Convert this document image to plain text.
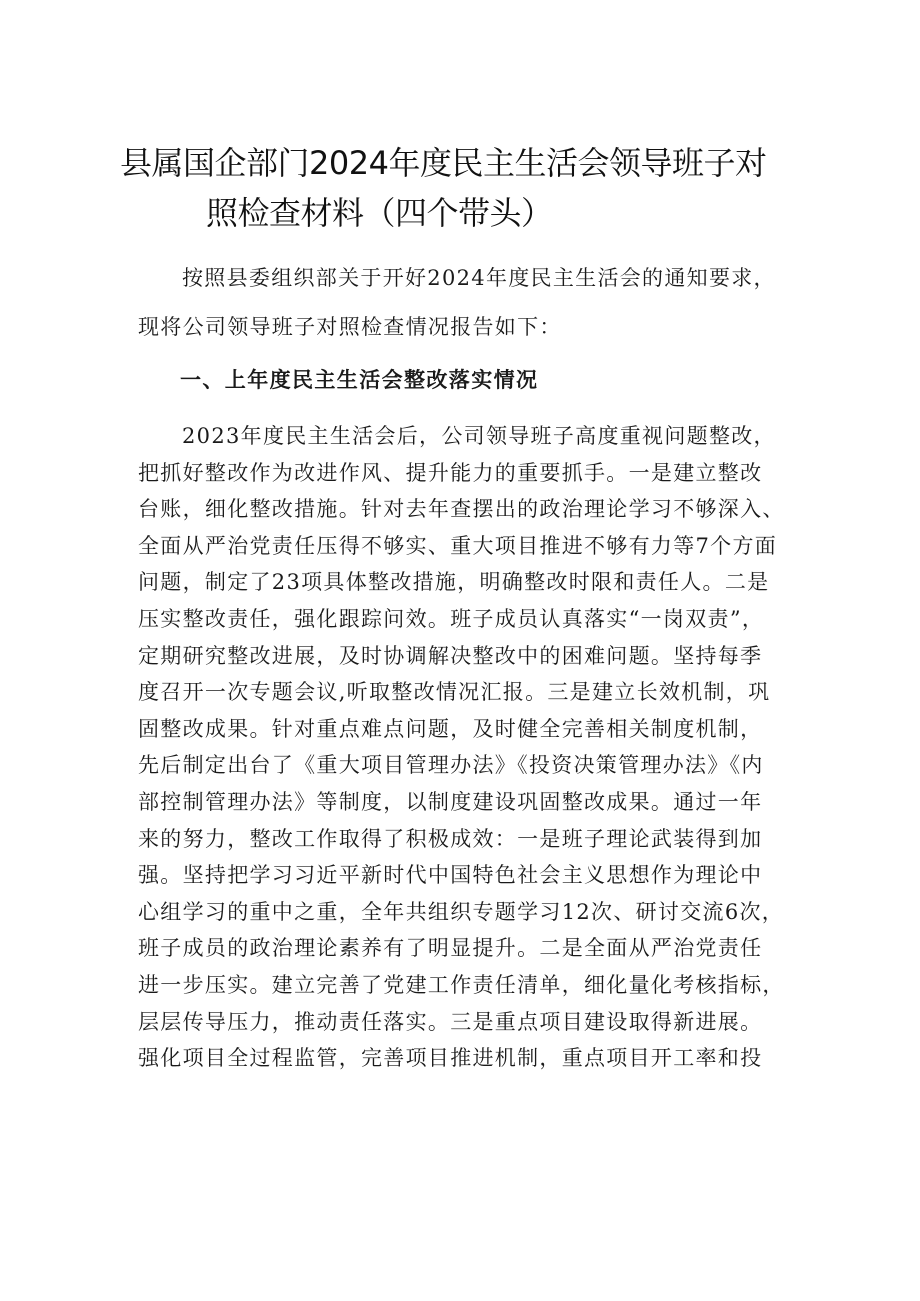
县属国企部门2024年度民主生活会领导班子对
照检查材料（四个带头）
按照县委组织部关于开好2024年度民主生活会的通知要求，
现将公司领导班子对照检查情况报告如下：
一、上年度民主生活会整改落实情况
2023年度民主生活会后，公司领导班子高度重视问题整改，
把抓好整改作为改进作风、提升能力的重要抓手。一是建立整改
台账，细化整改措施。针对去年查摆出的政治理论学习不够深入、
全面从严治党责任压得不够实、重大项目推进不够有力等7个方面
问题，制定了23项具体整改措施，明确整改时限和责任人。二是
压实整改责任，强化跟踪问效。班子成员认真落实“一岗双责”，
定期研究整改进展，及时协调解决整改中的困难问题。坚持每季
度召开一次专题会议,听取整改情况汇报。三是建立长效机制，巩
固整改成果。针对重点难点问题，及时健全完善相关制度机制，
先后制定出台了《重大项目管理办法》《投资决策管理办法》《内
部控制管理办法》等制度，以制度建设巩固整改成果。通过一年
来的努力，整改工作取得了积极成效：一是班子理论武装得到加
强。坚持把学习习近平新时代中国特色社会主义思想作为理论中
心组学习的重中之重，全年共组织专题学习12次、研讨交流6次，
班子成员的政治理论素养有了明显提升。二是全面从严治党责任
进一步压实。建立完善了党建工作责任清单，细化量化考核指标，
层层传导压力，推动责任落实。三是重点项目建设取得新进展。
强化项目全过程监管，完善项目推进机制，重点项目开工率和投
